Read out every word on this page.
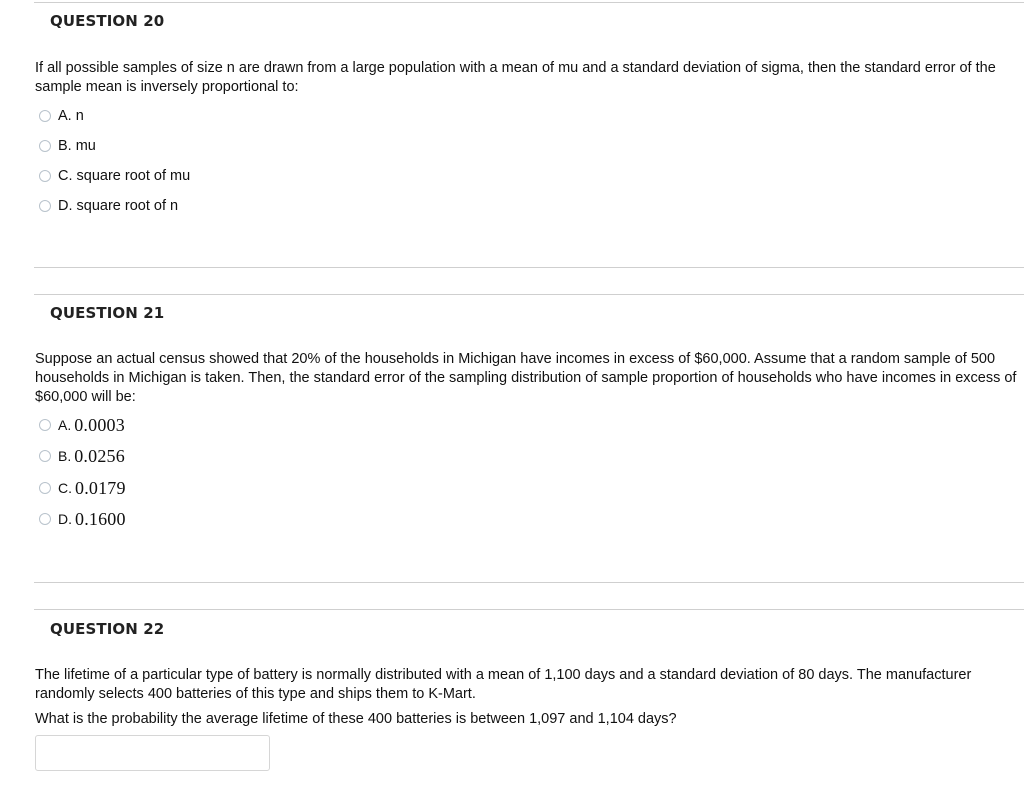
QUESTION 20

If all possible samples of size n are drawn from a large population with a mean of mu and a standard deviation of sigma, then the standard error of the sample mean is inversely proportional to:

A. n
B. mu
C. square root of mu
D. square root of n
QUESTION 21

Suppose an actual census showed that 20% of the households in Michigan have incomes in excess of $60,000. Assume that a random sample of 500 households in Michigan is taken. Then, the standard error of the sampling distribution of sample proportion of households who have incomes in excess of $60,000 will be:

A. 0.0003
B. 0.0256
C. 0.0179
D. 0.1600
QUESTION 22

The lifetime of a particular type of battery is normally distributed with a mean of 1,100 days and a standard deviation of 80 days. The manufacturer randomly selects 400 batteries of this type and ships them to K-Mart.

What is the probability the average lifetime of these 400 batteries is between 1,097 and 1,104 days?
